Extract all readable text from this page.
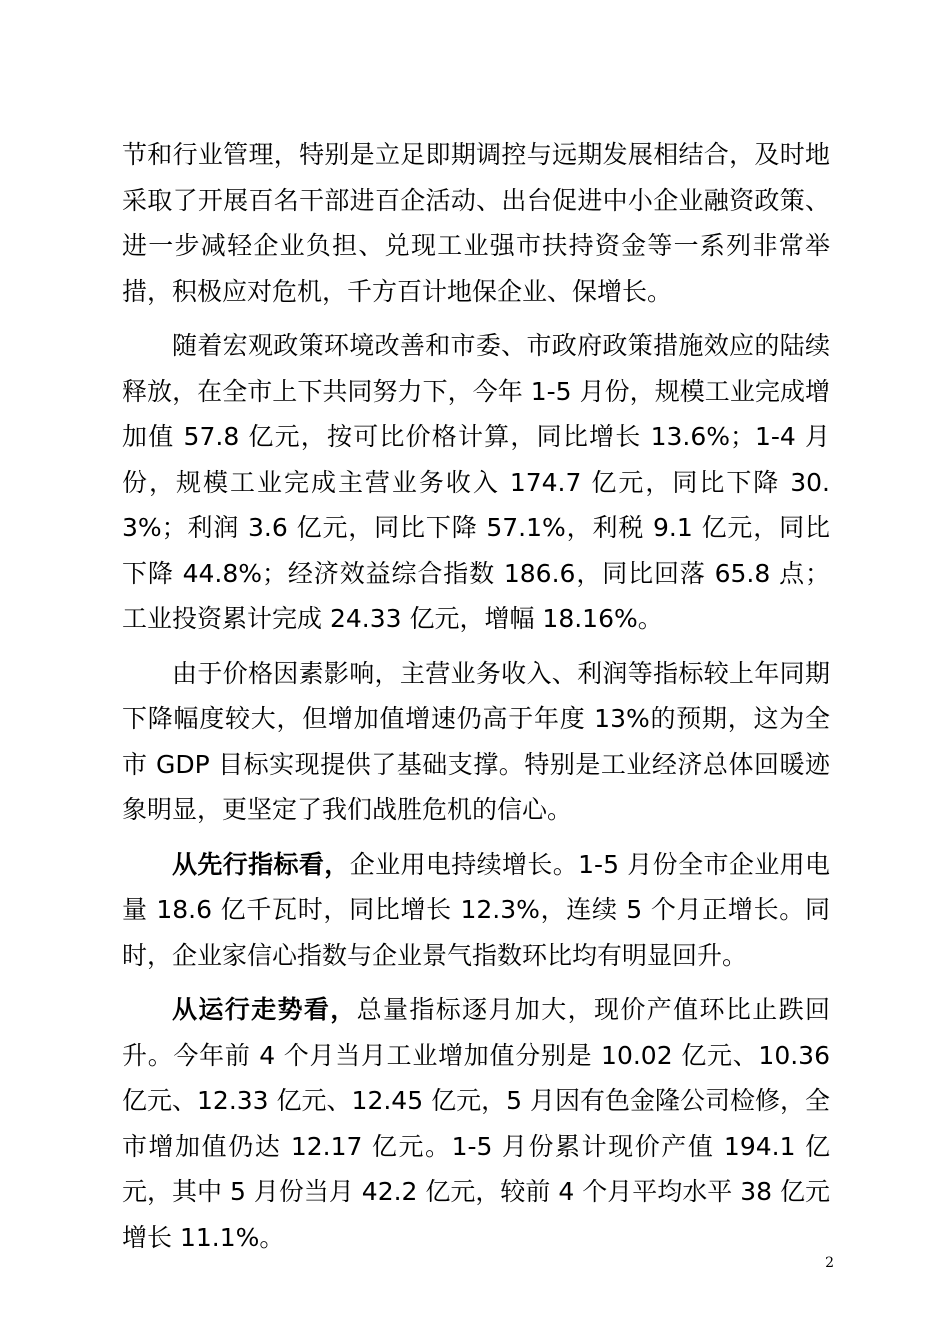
节和行业管理，特别是立足即期调控与远期发展相结合，及时地采取了开展百名干部进百企活动、出台促进中小企业融资政策、进一步减轻企业负担、兑现工业强市扶持资金等一系列非常举措，积极应对危机，千方百计地保企业、保增长。

随着宏观政策环境改善和市委、市政府政策措施效应的陆续释放，在全市上下共同努力下，今年 1-5 月份，规模工业完成增加值 57.8 亿元，按可比价格计算，同比增长 13.6%；1-4 月份，规模工业完成主营业务收入 174.7 亿元，同比下降 30.3%；利润 3.6 亿元，同比下降 57.1%，利税 9.1 亿元，同比下降 44.8%；经济效益综合指数 186.6，同比回落 65.8 点；工业投资累计完成 24.33 亿元，增幅 18.16%。

由于价格因素影响，主营业务收入、利润等指标较上年同期下降幅度较大，但增加值增速仍高于年度 13%的预期，这为全市 GDP 目标实现提供了基础支撑。特别是工业经济总体回暖迹象明显，更坚定了我们战胜危机的信心。

从先行指标看，企业用电持续增长。1-5 月份全市企业用电量 18.6 亿千瓦时，同比增长 12.3%，连续 5 个月正增长。同时，企业家信心指数与企业景气指数环比均有明显回升。

从运行走势看，总量指标逐月加大，现价产值环比止跌回升。今年前 4 个月当月工业增加值分别是 10.02 亿元、10.36 亿元、12.33 亿元、12.45 亿元，5 月因有色金隆公司检修，全市增加值仍达 12.17 亿元。1-5 月份累计现价产值 194.1 亿元，其中 5 月份当月 42.2 亿元，较前 4 个月平均水平 38 亿元增长 11.1%。

2
